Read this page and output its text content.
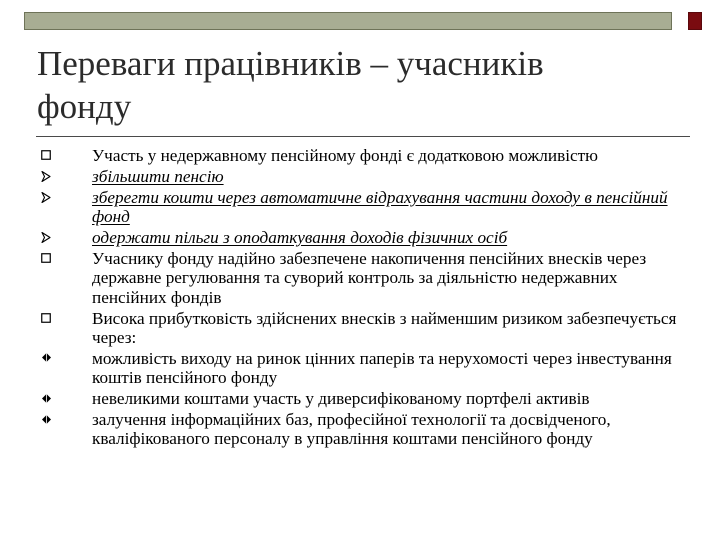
Переваги працівників – учасників
фонду
Участь у недержавному пенсійному фонді є додатковою можливістю
збільшити пенсію
зберегти кошти через автоматичне відрахування частини доходу в пенсійний фонд
одержати пільги з оподаткування доходів фізичних осіб
Учаснику фонду надійно забезпечене накопичення пенсійних внесків через державне регулювання та суворий контроль за діяльністю недержавних пенсійних фондів
Висока прибутковість здійснених внесків з найменшим ризиком забезпечується через:
можливість виходу на ринок цінних паперів та нерухомості через інвестування коштів пенсійного фонду
невеликими коштами участь у диверсифікованому портфелі активів
залучення інформаційних баз, професійної технології та досвідченого, кваліфікованого персоналу в управління коштами пенсійного фонду
